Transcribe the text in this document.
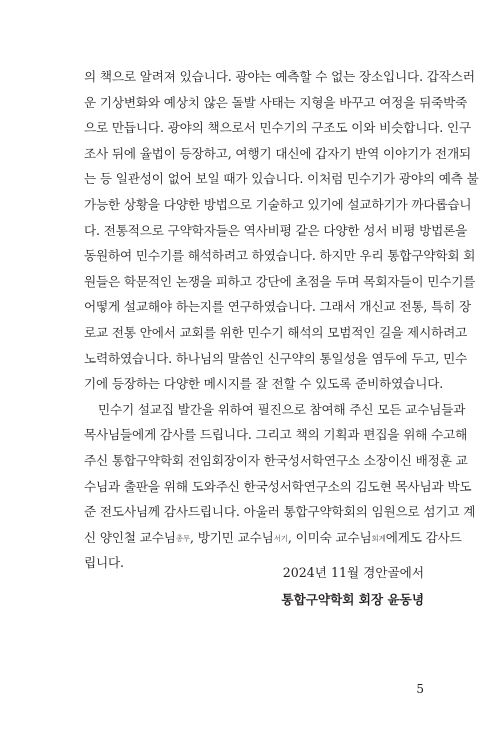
의 책으로 알려져 있습니다. 광야는 예측할 수 없는 장소입니다. 갑작스러
운 기상변화와 예상치 않은 돌발 사태는 지형을 바꾸고 여정을 뒤죽박죽
으로 만듭니다. 광야의 책으로서 민수기의 구조도 이와 비슷합니다. 인구
조사 뒤에 율법이 등장하고, 여행기 대신에 갑자기 반역 이야기가 전개되
는 등 일관성이 없어 보일 때가 있습니다. 이처럼 민수기가 광야의 예측 불
가능한 상황을 다양한 방법으로 기술하고 있기에 설교하기가 까다롭습니
다. 전통적으로 구약학자들은 역사비평 같은 다양한 성서 비평 방법론을
동원하여 민수기를 해석하려고 하였습니다. 하지만 우리 통합구약학회 회
원들은 학문적인 논쟁을 피하고 강단에 초점을 두며 목회자들이 민수기를
어떻게 설교해야 하는지를 연구하였습니다. 그래서 개신교 전통, 특히 장
로교 전통 안에서 교회를 위한 민수기 해석의 모범적인 길을 제시하려고
노력하였습니다. 하나님의 말씀인 신구약의 통일성을 염두에 두고, 민수
기에 등장하는 다양한 메시지를 잘 전할 수 있도록 준비하였습니다.
민수기 설교집 발간을 위하여 필진으로 참여해 주신 모든 교수님들과
목사님들에게 감사를 드립니다. 그리고 책의 기획과 편집을 위해 수고해
주신 통합구약학회 전임회장이자 한국성서학연구소 소장이신 배정훈 교
수님과 출판을 위해 도와주신 한국성서학연구소의 김도현 목사님과 박도
준 전도사님께 감사드립니다. 아울러 통합구약학회의 임원으로 섬기고 계
신 양인철 교수님총무, 방기민 교수님서기, 이미숙 교수님회계에게도 감사드
립니다.
2024년 11월 경안골에서
통합구약학회 회장 윤동녕
5
